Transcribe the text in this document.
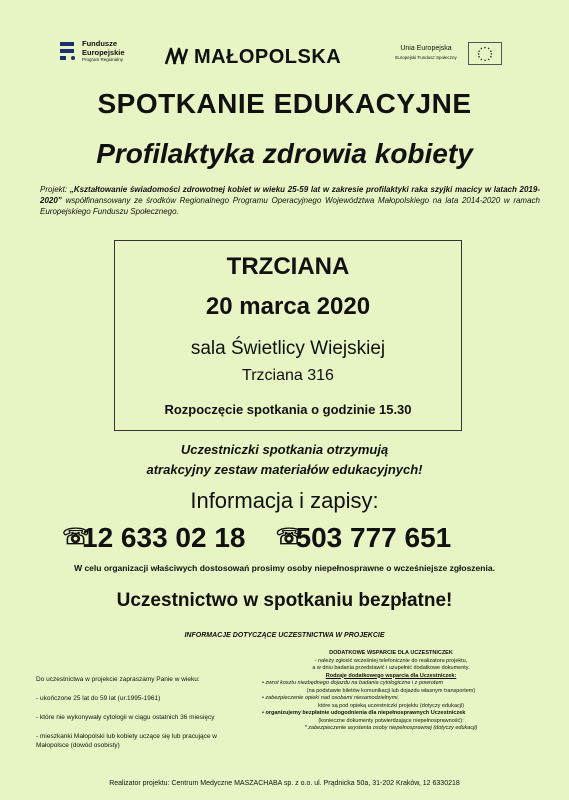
Fundusze
Europejskie
Program Regionalny	MAŁOPOLSKA	Unia Europejska
Europejski Fundusz Społeczny
SPOTKANIE EDUKACYJNE
Profilaktyka zdrowia kobiety
Projekt: „Kształtowanie świadomości zdrowotnej kobiet w wieku 25-59 lat w zakresie profilaktyki raka szyjki macicy w latach 2019-2020” współfinansowany ze środków Regionalnego Programu Operacyjnego Województwa Małopolskiego na lata 2014-2020 w ramach Europejskiego Funduszu Społecznego.
TRZCIANA
20 marca 2020
sala Świetlicy Wiejskiej
Trzciana 316
Rozpoczęcie spotkania o godzinie 15.30
Uczestniczki spotkania otrzymują
atrakcyjny zestaw materiałów edukacyjnych!
Informacja i zapisy:
☏12 633 02 18 ☏503 777 651
W celu organizacji właściwych dostosowań prosimy osoby niepełnosprawne o wcześniejsze zgłoszenia.
Uczestnictwo w spotkaniu bezpłatne!
INFORMACJE DOTYCZĄCE UCZESTNICTWA W PROJEKCIE

Do uczestnictwa w projekcie zapraszamy Panie w wieku:

- ukończone 25 lat do 59 lat (ur.1995-1961)

- które nie wykonywały cytologii w ciągu ostatnich 36 miesięcy

- mieszkanki Małopolski lub kobiety uczące się lub pracujące w Małopolsce (dowód osobisty)

DODATKOWE WSPARCIE DLA UCZESTNICZEK
- należy zgłosić wcześniej telefonicznie do realizatora projektu,
a w dniu badania przedstawić i uzupełnić dodatkowe dokumenty.
Rodzaje dodatkowego wsparcia dla Uczestniczek:
• zwrot kosztu niezbędnego dojazdu na badania cytologiczne i z powrotem
(na podstawie biletów komunikacji lub dojazdu własnym transportem)
• zabezpieczenie opieki nad osobami niesamodzielnymi,
które są pod opieką uczestniczki projektu (dotyczy edukacji)
• organizujemy bezpłatnie udogodnienia dla niepełnosprawnych Uczestniczek
(konieczne dokumenty potwierdzające niepełnosprawność):
* zabezpieczenie asystenta osoby niepełnosprawnej (dotyczy edukacji)
Realizator projektu: Centrum Medyczne MASZACHABA sp. z o.o. ul. Prądnicka 50a, 31-202 Kraków, 12 6330218
